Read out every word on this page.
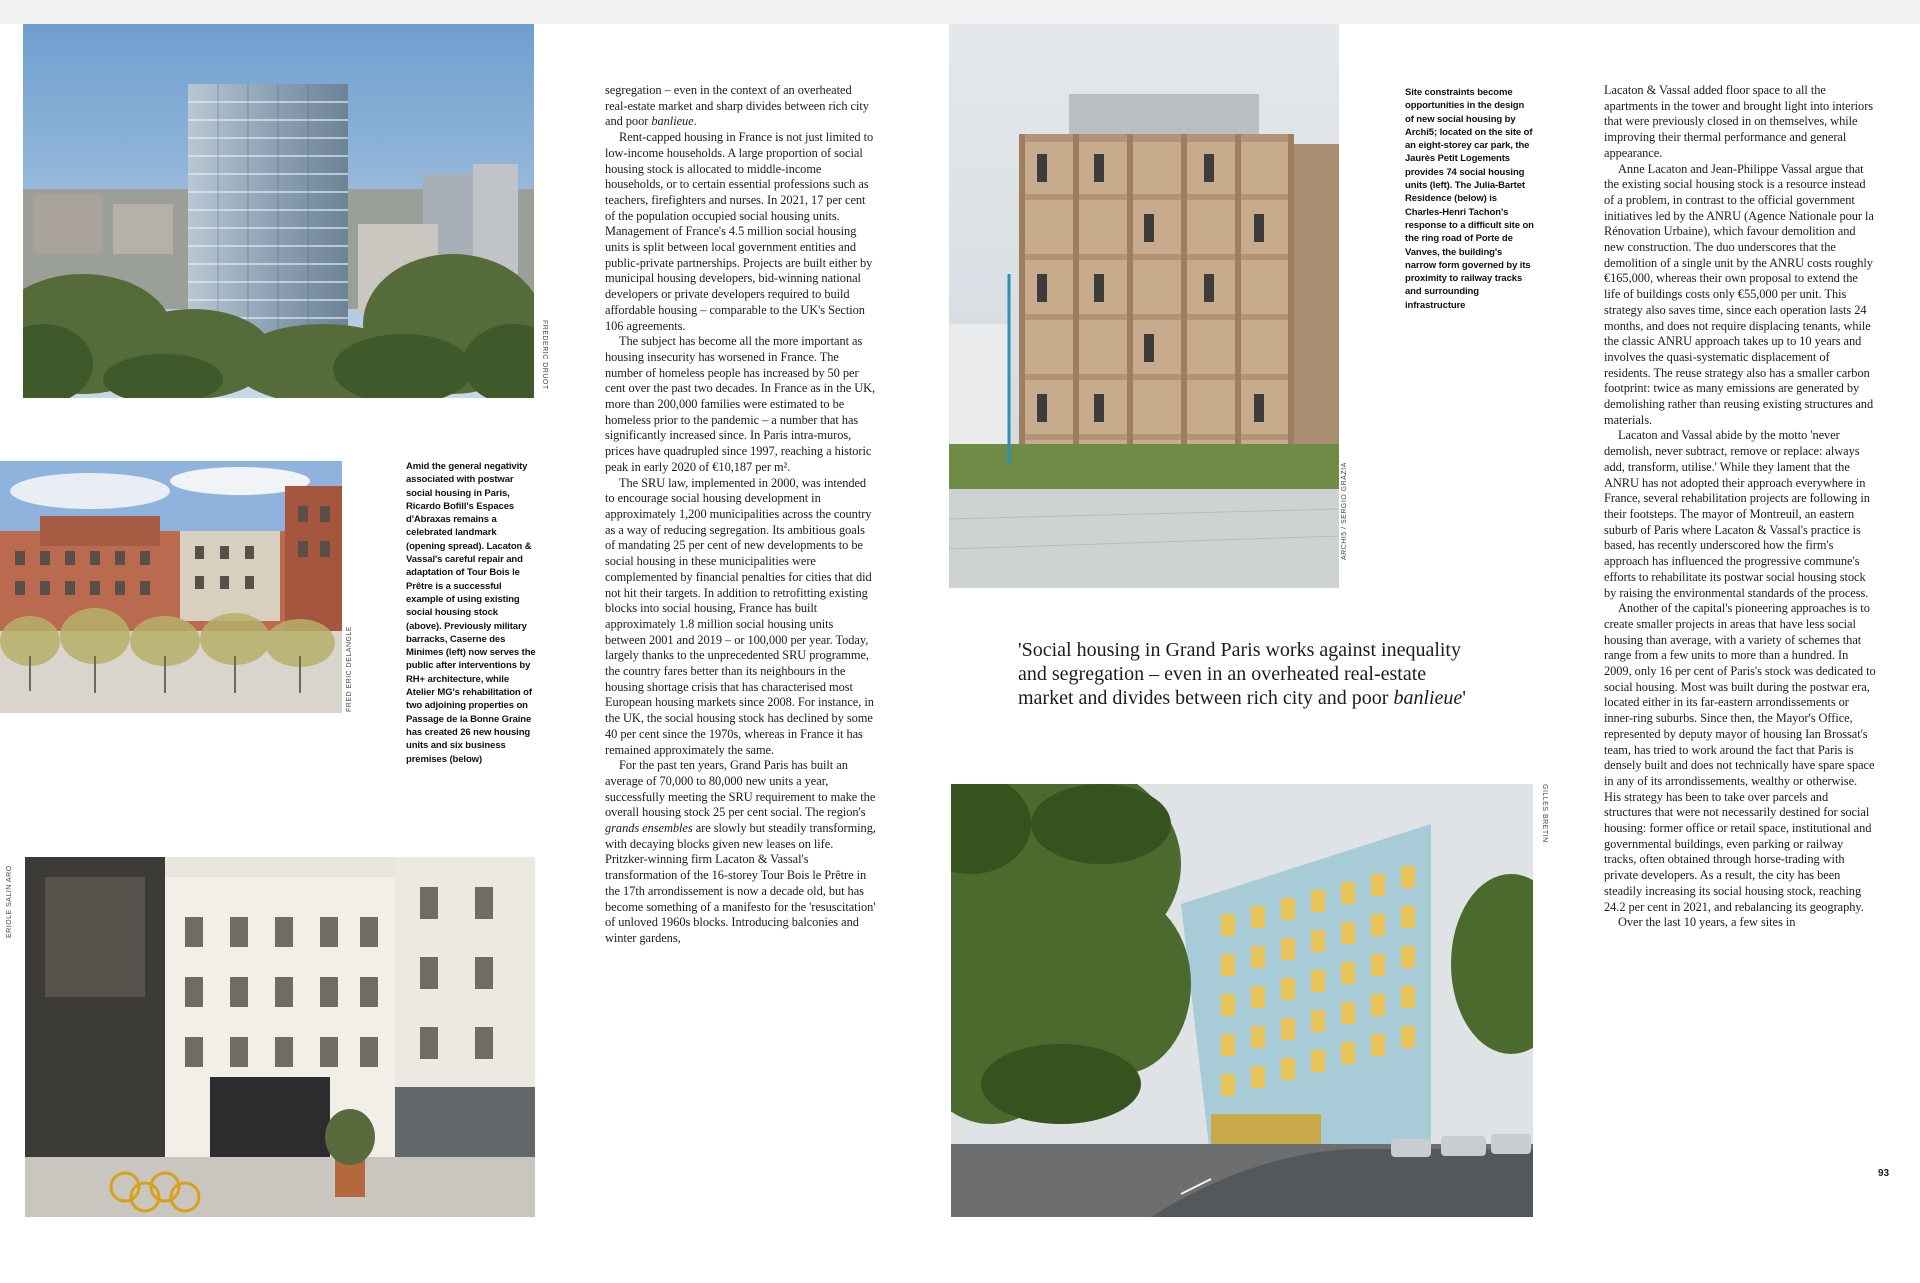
FREDERIC DRUOT
FRED ERIC DELANGLE
Amid the general negativity associated with postwar social housing in Paris, Ricardo Bofill's Espaces d'Abraxas remains a celebrated landmark (opening spread). Lacaton & Vassal's careful repair and adaptation of Tour Bois le Prêtre is a successful example of using existing social housing stock (above). Previously military barracks, Caserne des Minimes (left) now serves the public after interventions by RH+ architecture, while Atelier MG's rehabilitation of two adjoining properties on Passage de la Bonne Graine has created 26 new housing units and six business premises (below)
ERIOLE SALIN ARO

segregation – even in the context of an overheated real-estate market and sharp divides between rich city and poor banlieue.

Rent-capped housing in France is not just limited to low-income households. A large proportion of social housing stock is allocated to middle-income households, or to certain essential professions such as teachers, firefighters and nurses. In 2021, 17 per cent of the population occupied social housing units. Management of France's 4.5 million social housing units is split between local government entities and public-private partnerships. Projects are built either by municipal housing developers, bid-winning national developers or private developers required to build affordable housing – comparable to the UK's Section 106 agreements.

The subject has become all the more important as housing insecurity has worsened in France. The number of homeless people has increased by 50 per cent over the past two decades. In France as in the UK, more than 200,000 families were estimated to be homeless prior to the pandemic – a number that has significantly increased since. In Paris intra-muros, prices have quadrupled since 1997, reaching a historic peak in early 2020 of €10,187 per m².

The SRU law, implemented in 2000, was intended to encourage social housing development in approximately 1,200 municipalities across the country as a way of reducing segregation. Its ambitious goals of mandating 25 per cent of new developments to be social housing in these municipalities were complemented by financial penalties for cities that did not hit their targets. In addition to retrofitting existing blocks into social housing, France has built approximately 1.8 million social housing units between 2001 and 2019 – or 100,000 per year. Today, largely thanks to the unprecedented SRU programme, the country fares better than its neighbours in the housing shortage crisis that has characterised most European housing markets since 2008. For instance, in the UK, the social housing stock has declined by some 40 per cent since the 1970s, whereas in France it has remained approximately the same.

For the past ten years, Grand Paris has built an average of 70,000 to 80,000 new units a year, successfully meeting the SRU requirement to make the overall housing stock 25 per cent social. The region's grands ensembles are slowly but steadily transforming, with decaying blocks given new leases on life. Pritzker-winning firm Lacaton & Vassal's transformation of the 16-storey Tour Bois le Prêtre in the 17th arrondissement is now a decade old, but has become something of a manifesto for the 'resuscitation' of unloved 1960s blocks. Introducing balconies and winter gardens,

ARCHI5 / SERGIO GRAZIA
Site constraints become opportunities in the design of new social housing by Archi5; located on the site of an eight-storey car park, the Jaurès Petit Logements provides 74 social housing units (left). The Julia-Bartet Residence (below) is Charles-Henri Tachon's response to a difficult site on the ring road of Porte de Vanves, the building's narrow form governed by its proximity to railway tracks and surrounding infrastructure
'Social housing in Grand Paris works against inequality and segregation – even in an overheated real-estate market and divides between rich city and poor banlieue'
GILLES BRETIN

Lacaton & Vassal added floor space to all the apartments in the tower and brought light into interiors that were previously closed in on themselves, while improving their thermal performance and general appearance.

Anne Lacaton and Jean-Philippe Vassal argue that the existing social housing stock is a resource instead of a problem, in contrast to the official government initiatives led by the ANRU (Agence Nationale pour la Rénovation Urbaine), which favour demolition and new construction. The duo underscores that the demolition of a single unit by the ANRU costs roughly €165,000, whereas their own proposal to extend the life of buildings costs only €55,000 per unit. This strategy also saves time, since each operation lasts 24 months, and does not require displacing tenants, while the classic ANRU approach takes up to 10 years and involves the quasi-systematic displacement of residents. The reuse strategy also has a smaller carbon footprint: twice as many emissions are generated by demolishing rather than reusing existing structures and materials.

Lacaton and Vassal abide by the motto 'never demolish, never subtract, remove or replace: always add, transform, utilise.' While they lament that the ANRU has not adopted their approach everywhere in France, several rehabilitation projects are following in their footsteps. The mayor of Montreuil, an eastern suburb of Paris where Lacaton & Vassal's practice is based, has recently underscored how the firm's approach has influenced the progressive commune's efforts to rehabilitate its postwar social housing stock by raising the environmental standards of the process.

Another of the capital's pioneering approaches is to create smaller projects in areas that have less social housing than average, with a variety of schemes that range from a few units to more than a hundred. In 2009, only 16 per cent of Paris's stock was dedicated to social housing. Most was built during the postwar era, located either in its far-eastern arrondissements or inner-ring suburbs. Since then, the Mayor's Office, represented by deputy mayor of housing Ian Brossat's team, has tried to work around the fact that Paris is densely built and does not technically have spare space in any of its arrondissements, wealthy or otherwise. His strategy has been to take over parcels and structures that were not necessarily destined for social housing: former office or retail space, institutional and governmental buildings, even parking or railway tracks, often obtained through horse-trading with private developers. As a result, the city has been steadily increasing its social housing stock, reaching 24.2 per cent in 2021, and rebalancing its geography.

Over the last 10 years, a few sites in

93
